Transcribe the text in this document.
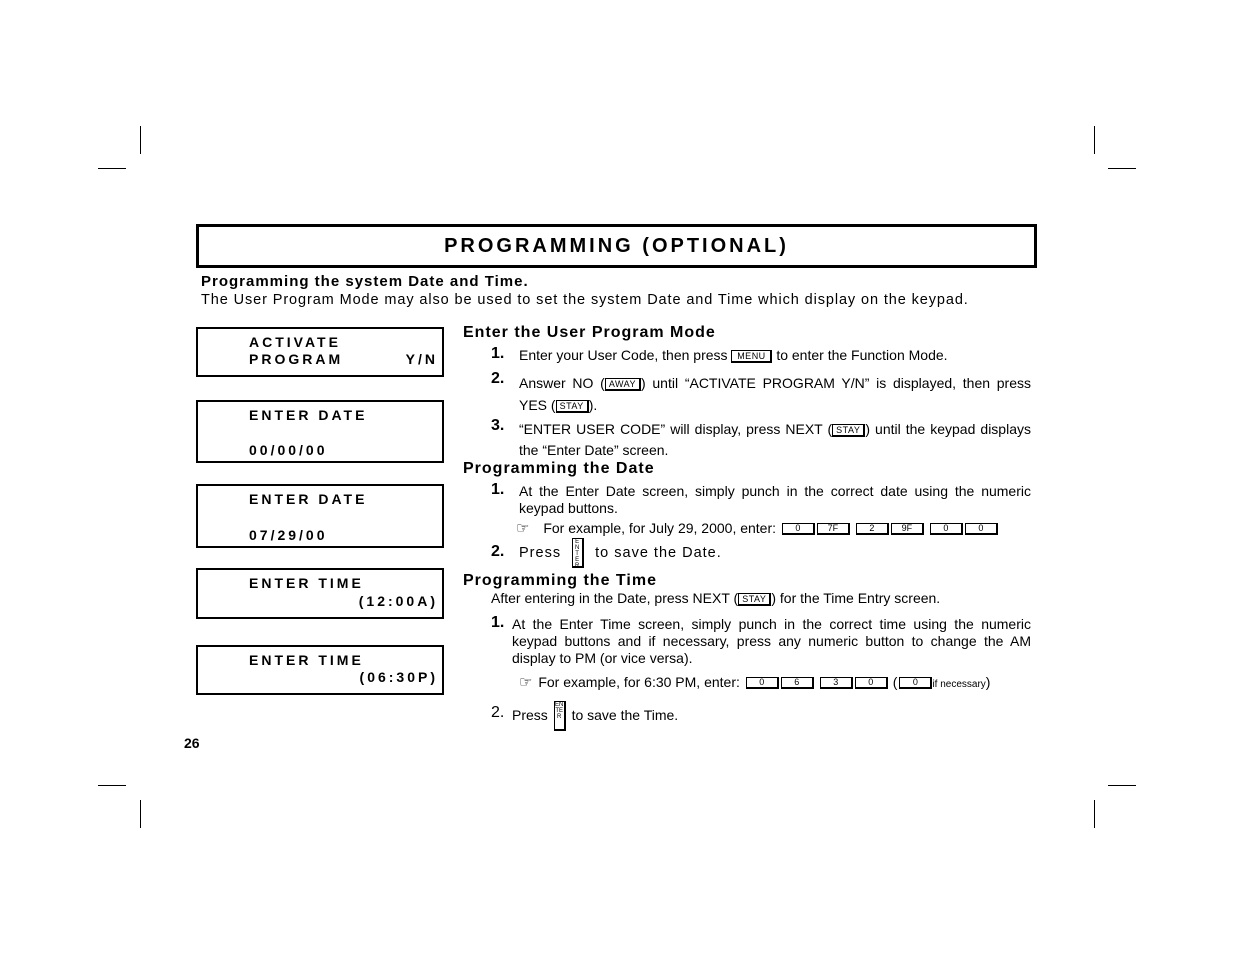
PROGRAMMING (OPTIONAL)
Programming the system Date and Time.
The User Program Mode may also be used to set the system Date and Time which display on the keypad.
ACTIVATE
PROGRAM	Y/N
ENTER DATE
00/00/00
ENTER DATE
07/29/00
ENTER TIME
(12:00A)
ENTER TIME
(06:30P)
Enter the User Program Mode
1. Enter your User Code, then press MENU to enter the Function Mode.
2. Answer NO ( AWAY ) until “ACTIVATE PROGRAM Y/N” is displayed, then press YES ( STAY ).
3. “ENTER USER CODE” will display, press NEXT ( STAY ) until the keypad displays the “Enter Date” screen.
Programming the Date
1. At the Enter Date screen, simply punch in the correct date using the numeric keypad buttons.
☞ For example, for July 29, 2000, enter: 0	7F	2	9F	0	0
2. Press ENTER to save the Date.
Programming the Time
After entering in the Date, press NEXT ( STAY ) for the Time Entry screen.
1. At the Enter Time screen, simply punch in the correct time using the numeric keypad buttons and if necessary, press any numeric button to change the AM display to PM (or vice versa).
☞ For example, for 6:30 PM, enter: 0	6	3	0 ( 0 if necessary)
2. Press ENTER to save the Time.
26
